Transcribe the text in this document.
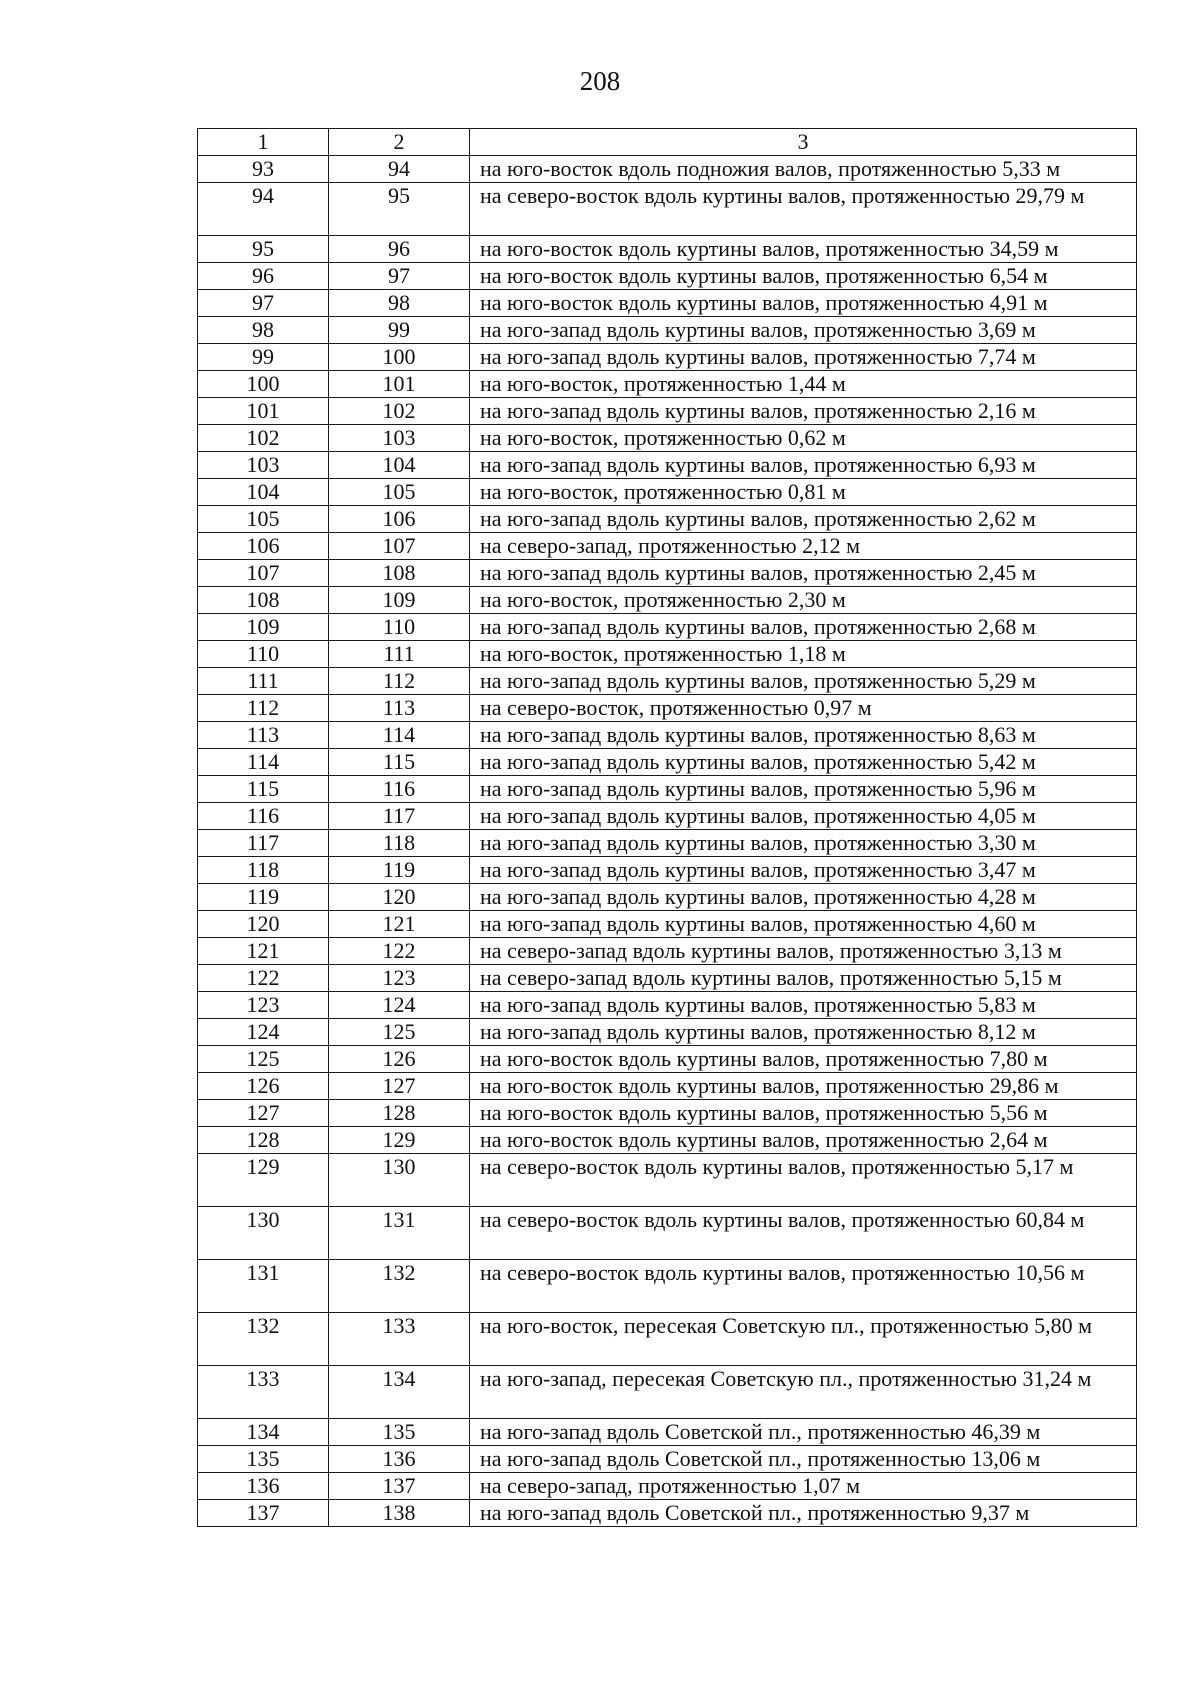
208
1	2	3
93	94	на юго-восток вдоль подножия валов, протяженностью 5,33 м
94	95	на северо-восток вдоль куртины валов, протяженностью 29,79 м
95	96	на юго-восток вдоль куртины валов, протяженностью 34,59 м
96	97	на юго-восток вдоль куртины валов, протяженностью 6,54 м
97	98	на юго-восток вдоль куртины валов, протяженностью 4,91 м
98	99	на юго-запад вдоль куртины валов, протяженностью 3,69 м
99	100	на юго-запад вдоль куртины валов, протяженностью 7,74 м
100	101	на юго-восток, протяженностью 1,44 м
101	102	на юго-запад вдоль куртины валов, протяженностью 2,16 м
102	103	на юго-восток, протяженностью 0,62 м
103	104	на юго-запад вдоль куртины валов, протяженностью 6,93 м
104	105	на юго-восток, протяженностью 0,81 м
105	106	на юго-запад вдоль куртины валов, протяженностью 2,62 м
106	107	на северо-запад, протяженностью 2,12 м
107	108	на юго-запад вдоль куртины валов, протяженностью 2,45 м
108	109	на юго-восток, протяженностью 2,30 м
109	110	на юго-запад вдоль куртины валов, протяженностью 2,68 м
110	111	на юго-восток, протяженностью 1,18 м
111	112	на юго-запад вдоль куртины валов, протяженностью 5,29 м
112	113	на северо-восток, протяженностью 0,97 м
113	114	на юго-запад вдоль куртины валов, протяженностью 8,63 м
114	115	на юго-запад вдоль куртины валов, протяженностью 5,42 м
115	116	на юго-запад вдоль куртины валов, протяженностью 5,96 м
116	117	на юго-запад вдоль куртины валов, протяженностью 4,05 м
117	118	на юго-запад вдоль куртины валов, протяженностью 3,30 м
118	119	на юго-запад вдоль куртины валов, протяженностью 3,47 м
119	120	на юго-запад вдоль куртины валов, протяженностью 4,28 м
120	121	на юго-запад вдоль куртины валов, протяженностью 4,60 м
121	122	на северо-запад вдоль куртины валов, протяженностью 3,13 м
122	123	на северо-запад вдоль куртины валов, протяженностью 5,15 м
123	124	на юго-запад вдоль куртины валов, протяженностью 5,83 м
124	125	на юго-запад вдоль куртины валов, протяженностью 8,12 м
125	126	на юго-восток вдоль куртины валов, протяженностью 7,80 м
126	127	на юго-восток вдоль куртины валов, протяженностью 29,86 м
127	128	на юго-восток вдоль куртины валов, протяженностью 5,56 м
128	129	на юго-восток вдоль куртины валов, протяженностью 2,64 м
129	130	на северо-восток вдоль куртины валов, протяженностью 5,17 м
130	131	на северо-восток вдоль куртины валов, протяженностью 60,84 м
131	132	на северо-восток вдоль куртины валов, протяженностью 10,56 м
132	133	на юго-восток, пересекая Советскую пл., протяженностью 5,80 м
133	134	на юго-запад, пересекая Советскую пл., протяженностью 31,24 м
134	135	на юго-запад вдоль Советской пл., протяженностью 46,39 м
135	136	на юго-запад вдоль Советской пл., протяженностью 13,06 м
136	137	на северо-запад, протяженностью 1,07 м
137	138	на юго-запад вдоль Советской пл., протяженностью 9,37 м
